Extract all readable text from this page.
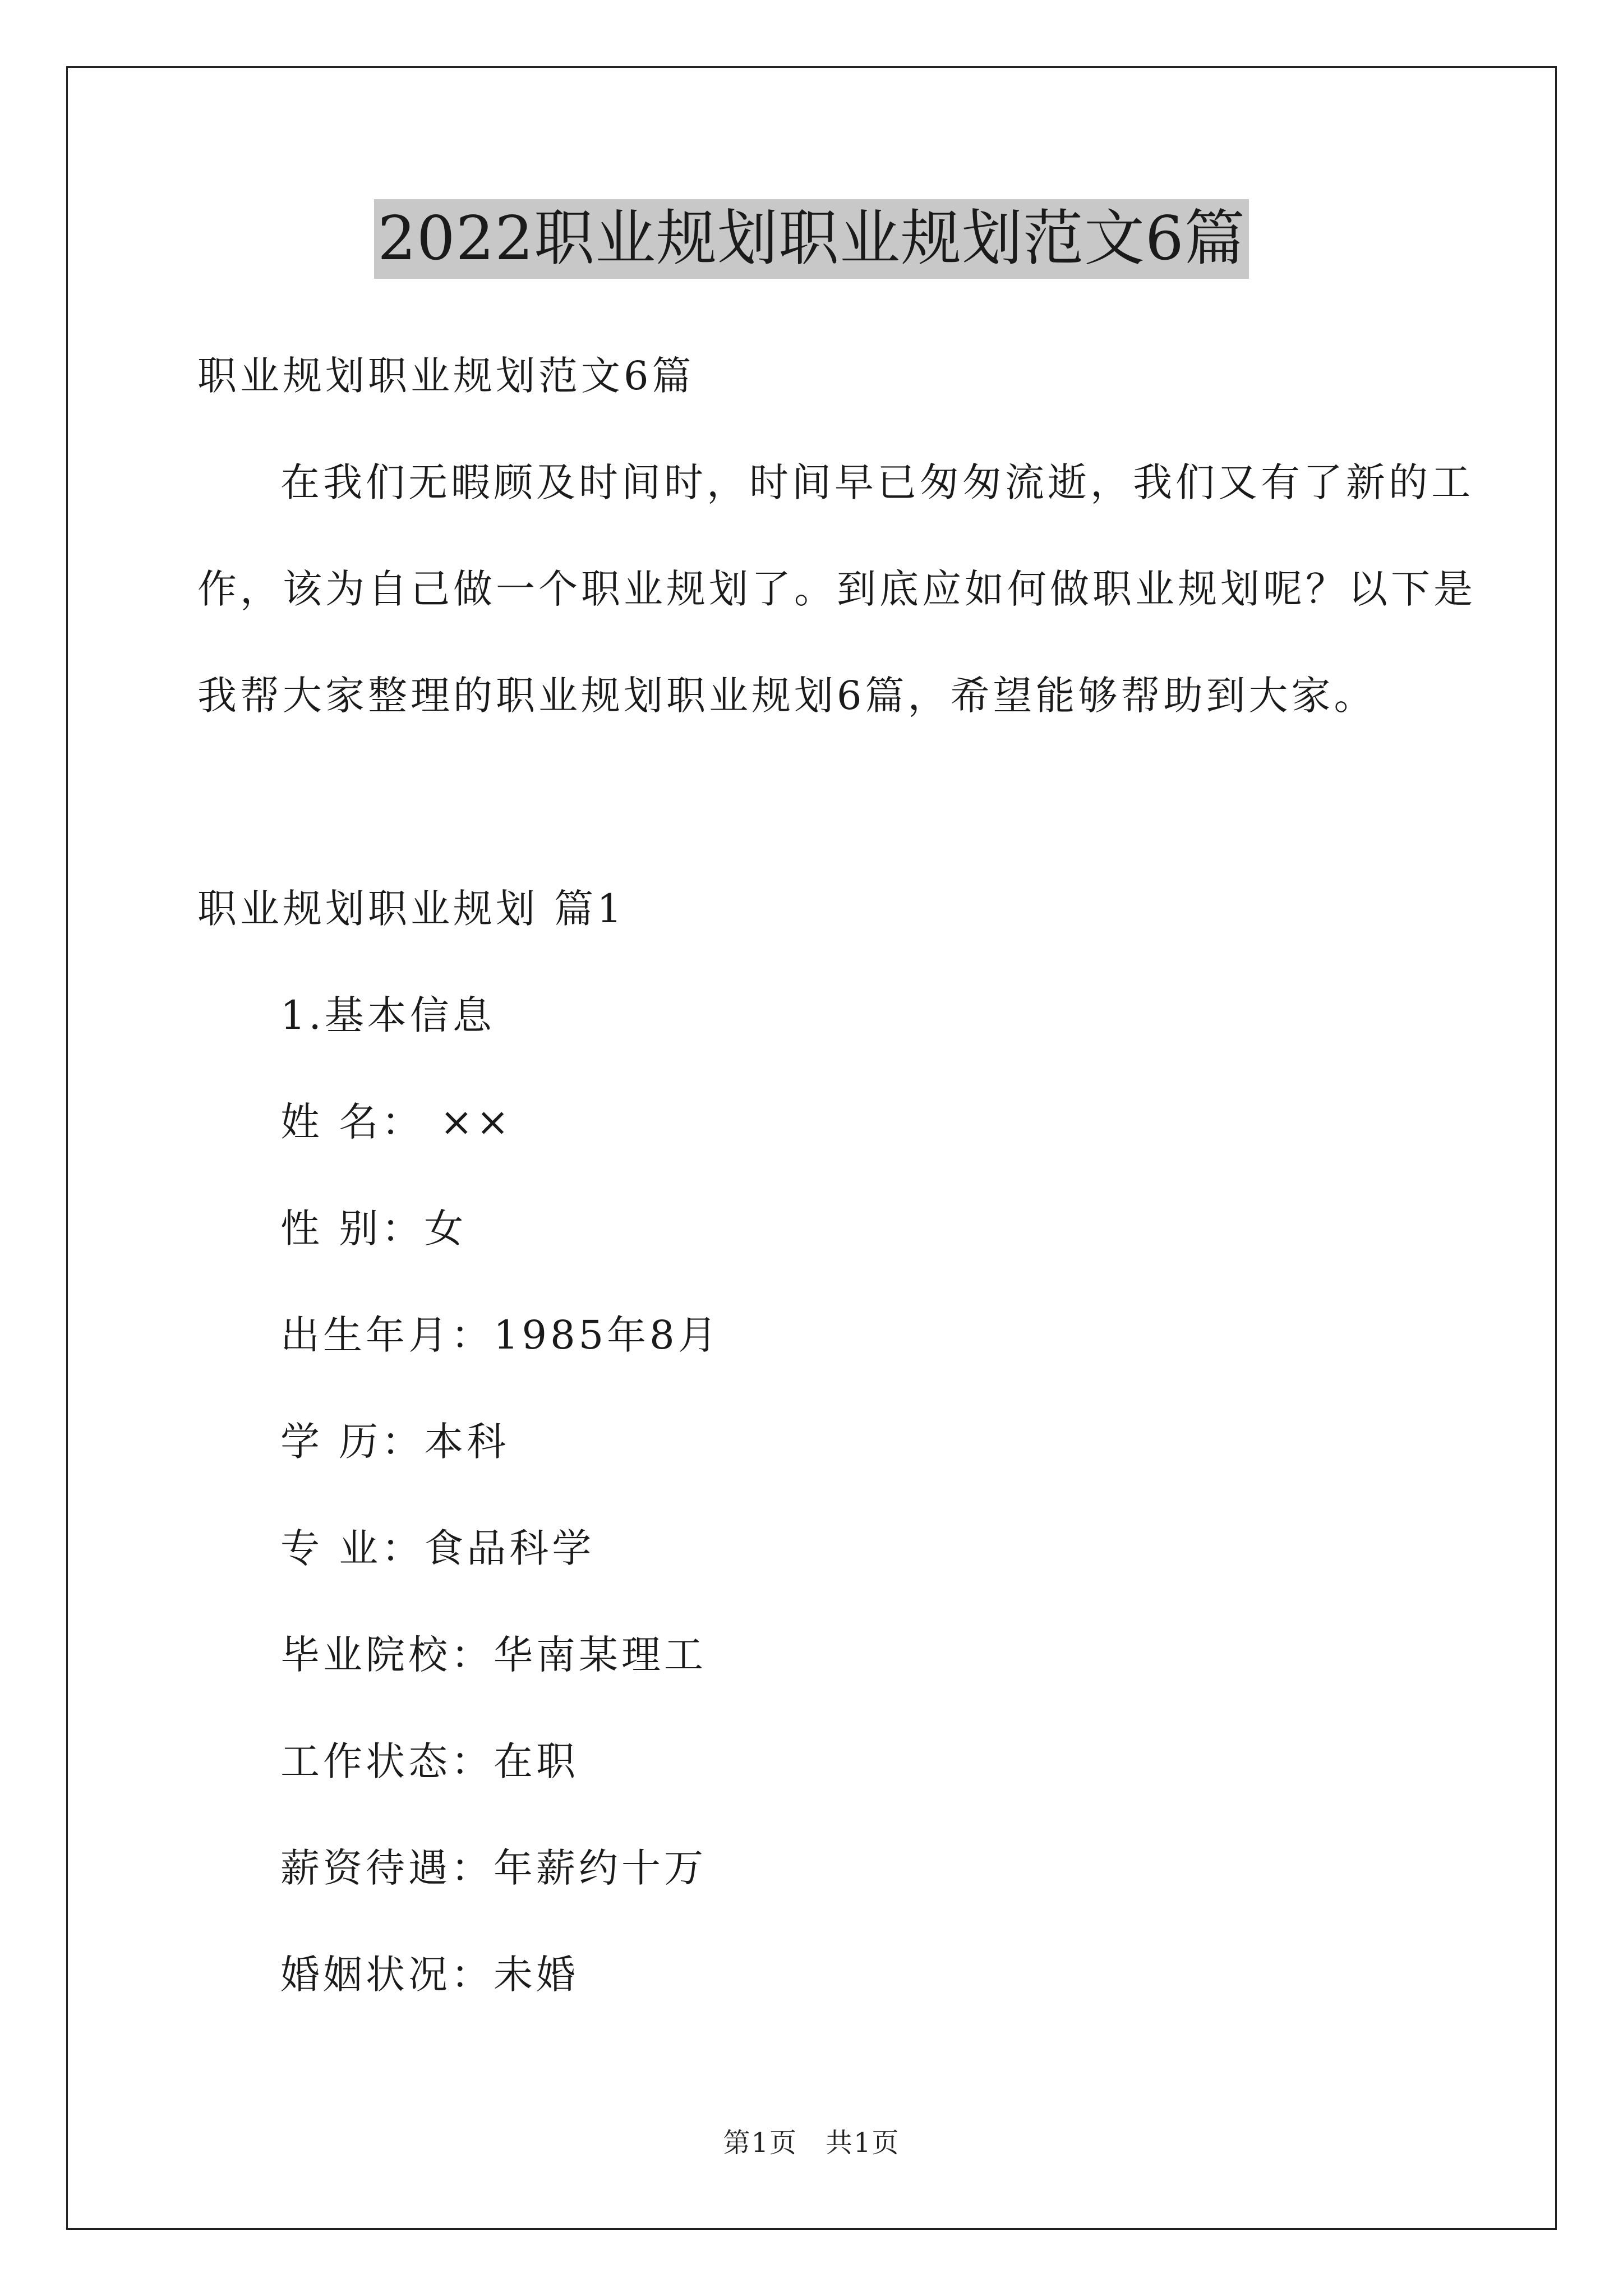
2022职业规划职业规划范文6篇
职业规划职业规划范文6篇
在我们无暇顾及时间时，时间早已匆匆流逝，我们又有了新的工
作，该为自己做一个职业规划了。到底应如何做职业规划呢？以下是
我帮大家整理的职业规划职业规划6篇，希望能够帮助到大家。
职业规划职业规划 篇1
1.基本信息
姓 名： ××
性 别：女
出生年月：1985年8月
学 历：本科
专 业：食品科学
毕业院校：华南某理工
工作状态：在职
薪资待遇：年薪约十万
婚姻状况：未婚
第1页 共1页
